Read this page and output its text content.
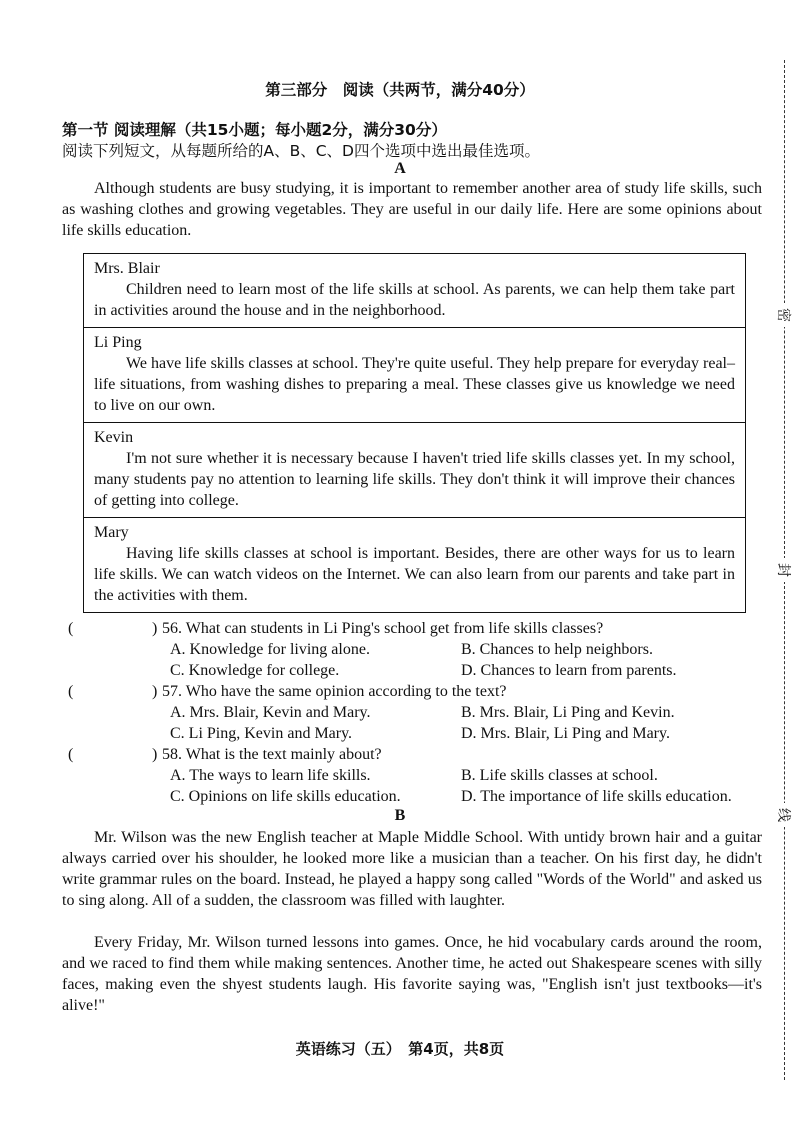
第三部分　阅读（共两节，满分40分）
第一节 阅读理解（共15小题；每小题2分，满分30分）
阅读下列短文，从每题所给的A、B、C、D四个选项中选出最佳选项。
A

Although students are busy studying, it is important to remember another area of study life skills, such as washing clothes and growing vegetables. They are useful in our daily life. Here are some opinions about life skills education.

Mrs. Blair
Children need to learn most of the life skills at school. As parents, we can help them take part in activities around the house and in the neighborhood.
Li Ping
We have life skills classes at school. They're quite useful. They help prepare for everyday real–life situations, from washing dishes to preparing a meal. These classes give us knowledge we need to live on our own.
Kevin
I'm not sure whether it is necessary because I haven't tried life skills classes yet. In my school, many students pay no attention to learning life skills. They don't think it will improve their chances of getting into college.
Mary
Having life skills classes at school is important. Besides, there are other ways for us to learn life skills. We can watch videos on the Internet. We can also learn from our parents and take part in the activities with them.
(	) 56. What can students in Li Ping's school get from life skills classes?
A. Knowledge for living alone.	B. Chances to help neighbors.
C. Knowledge for college.	D. Chances to learn from parents.
(	) 57. Who have the same opinion according to the text?
A. Mrs. Blair, Kevin and Mary.	B. Mrs. Blair, Li Ping and Kevin.
C. Li Ping, Kevin and Mary.	D. Mrs. Blair, Li Ping and Mary.
(	) 58. What is the text mainly about?
A. The ways to learn life skills.	B. Life skills classes at school.
C. Opinions on life skills education.	D. The importance of life skills education.
B

Mr. Wilson was the new English teacher at Maple Middle School. With untidy brown hair and a guitar always carried over his shoulder, he looked more like a musician than a teacher. On his first day, he didn't write grammar rules on the board. Instead, he played a happy song called "Words of the World" and asked us to sing along. All of a sudden, the classroom was filled with laughter.

Every Friday, Mr. Wilson turned lessons into games. Once, he hid vocabulary cards around the room, and we raced to find them while making sentences. Another time, he acted out Shakespeare scenes with silly faces, making even the shyest students laugh. His favorite saying was, "English isn't just textbooks—it's alive!"

英语练习（五）　第4页，共8页
密
封
线
